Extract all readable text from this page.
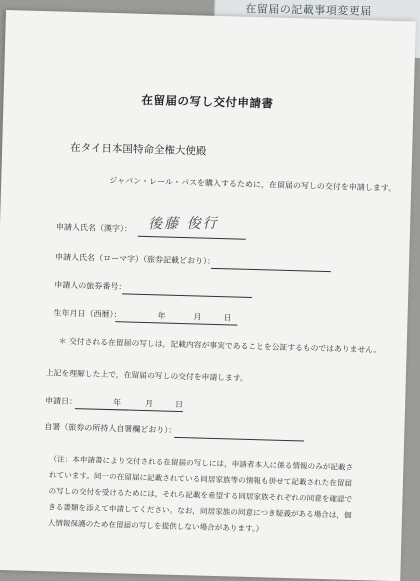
在留届の記載事項変更届
在留届の写し交付申請書
在タイ日本国特命全権大使殿
ジャパン・レール・パスを購入するために，在留届の写しの交付を申請します。
申請人氏名（漢字）： 後藤 俊行
申請人氏名（ローマ字）（旅券記載どおり）：
申請人の旅券番号：
生年月日（西暦）：	年	月	日
＊ 交付される在留届の写しは，記載内容が事実であることを公証するものではありません。
上記を理解した上で，在留届の写しの交付を申請します。
申請日：	年	月	日
自署（旅券の所持人自署欄どおり）：
（注：本申請書により交付される在留届の写しには，申請者本人に係る情報のみが記載さ
れています。同一の在留届に記載されている同居家族等の情報も併せて記載された在留届
の写しの交付を受けるためには，それら記載を希望する同居家族それぞれの同意を確認で
きる書類を添えて申請してください。なお，同居家族の同意につき疑義がある場合は，個
人情報保護のため在留届の写しを提供しない場合があります。）
